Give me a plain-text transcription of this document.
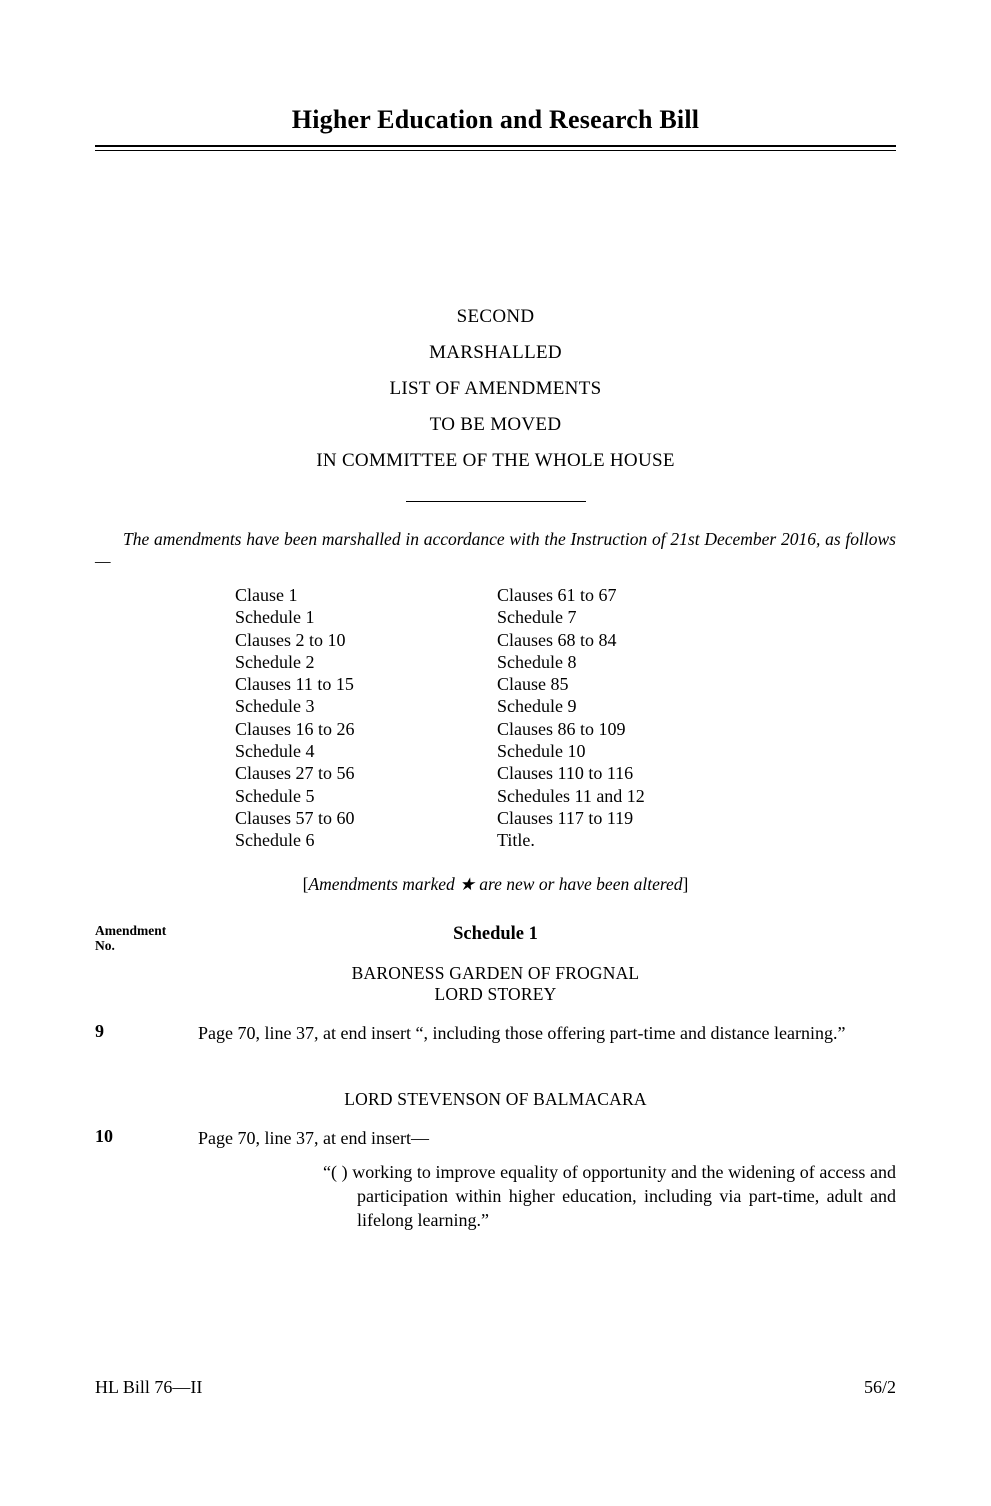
Higher Education and Research Bill
SECOND
MARSHALLED
LIST OF AMENDMENTS
TO BE MOVED
IN COMMITTEE OF THE WHOLE HOUSE
The amendments have been marshalled in accordance with the Instruction of 21st December 2016, as follows—
Clause 1
Schedule 1
Clauses 2 to 10
Schedule 2
Clauses 11 to 15
Schedule 3
Clauses 16 to 26
Schedule 4
Clauses 27 to 56
Schedule 5
Clauses 57 to 60
Schedule 6
Clauses 61 to 67
Schedule 7
Clauses 68 to 84
Schedule 8
Clause 85
Schedule 9
Clauses 86 to 109
Schedule 10
Clauses 110 to 116
Schedules 11 and 12
Clauses 117 to 119
Title.
[Amendments marked ★ are new or have been altered]
Amendment
No.
Schedule 1
BARONESS GARDEN OF FROGNAL
LORD STOREY
9	Page 70, line 37, at end insert “, including those offering part-time and distance learning.”
LORD STEVENSON OF BALMACARA
10	Page 70, line 37, at end insert—
“( ) working to improve equality of opportunity and the widening of access and participation within higher education, including via part-time, adult and lifelong learning.”
HL Bill 76—II	56/2
